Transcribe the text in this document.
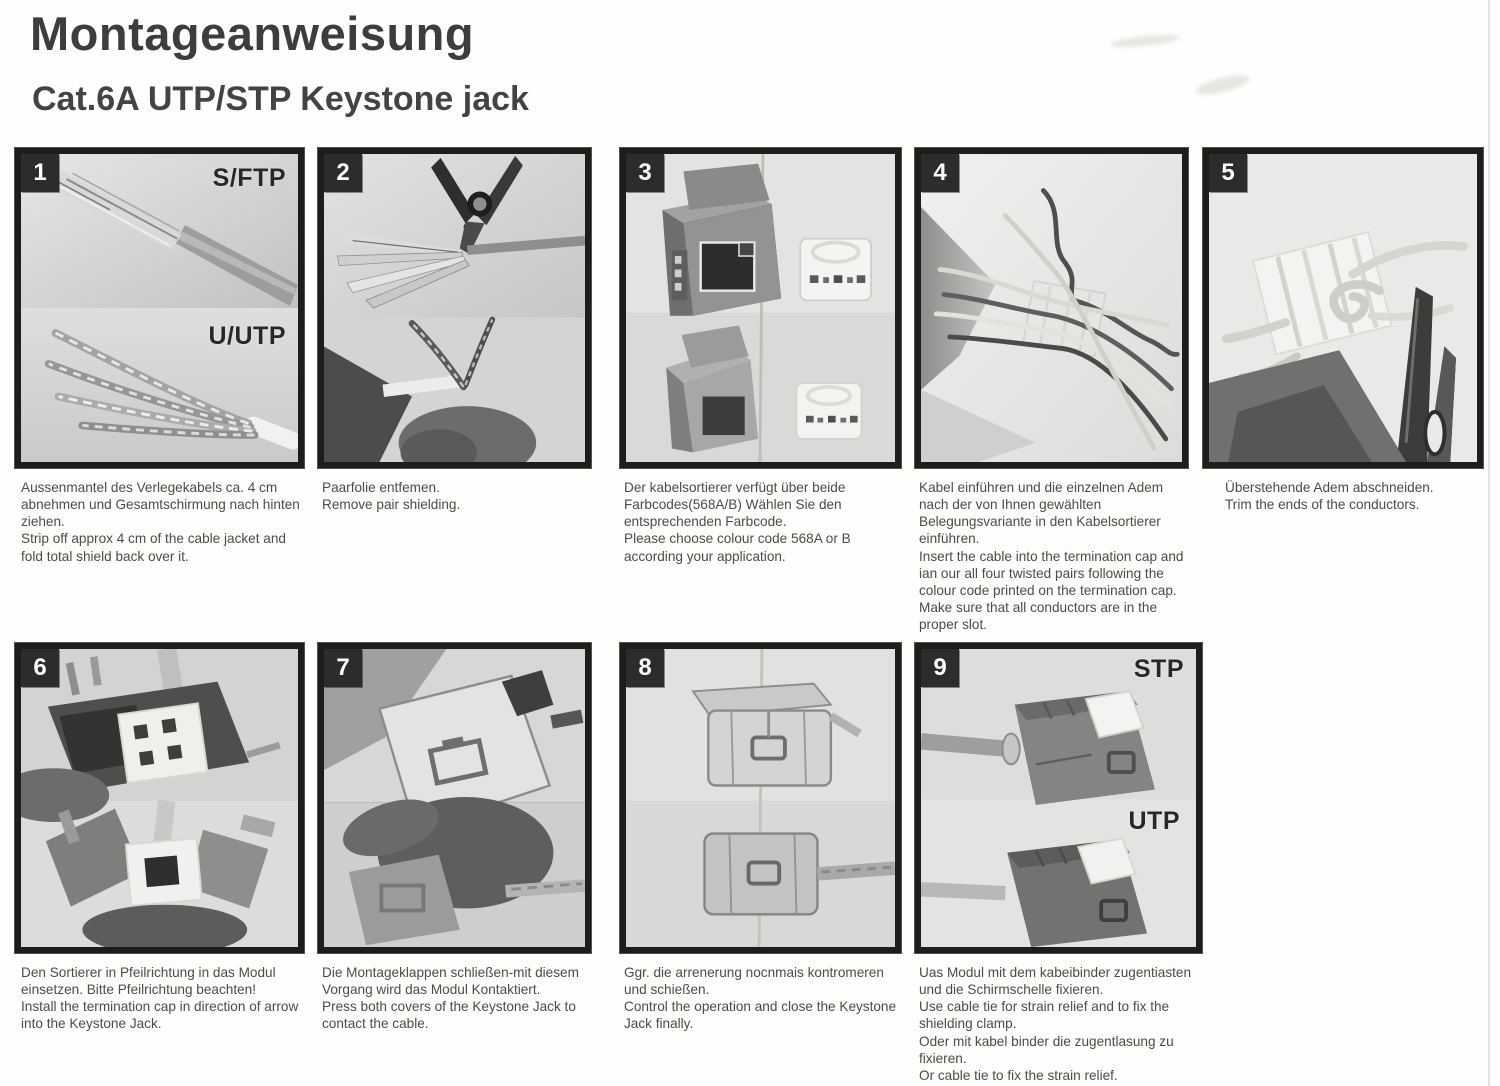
Montageanweisung
Cat.6A UTP/STP Keystone jack
1	S/FTP
U/UTP

Aussenmantel des Verlegekabels ca. 4 cm abnehmen und Gesamtschirmung nach hinten ziehen.

Strip off approx 4 cm of the cable jacket and fold total shield back over it.

2

Paarfolie entfemen.

Remove pair shielding.

3

Der kabelsortierer verfügt über beide Farbcodes(568A/B) Wählen Sie den entsprechenden Farbcode.

Please choose colour code 568A or B according your application.

4

Kabel einführen und die einzelnen Adem nach der von Ihnen gewählten Belegungsvariante in den Kabelsortierer einführen.

Insert the cable into the termination cap and ian our all four twisted pairs following the colour code printed on the termination cap. Make sure that all conductors are in the proper slot.

5

Überstehende Adem abschneiden.

Trim the ends of the conductors.

6

Den Sortierer in Pfeilrichtung in das Modul einsetzen. Bitte Pfeilrichtung beachten!

Install the termination cap in direction of arrow into the Keystone Jack.

7

Die Montageklappen schließen-mit diesem Vorgang wird das Modul Kontaktiert.

Press both covers of the Keystone Jack to contact the cable.

8

Ggr. die arrenerung nocnmais kontromeren und schießen.

Control the operation and close the Keystone Jack finally.

9	STP
UTP

Uas Modul mit dem kabeibinder zugentiasten und die Schirmschelle fixieren.

Use cable tie for strain relief and to fix the shielding clamp.

Oder mit kabel binder die zugentlasung zu fixieren.

Or cable tie to fix the strain relief.
